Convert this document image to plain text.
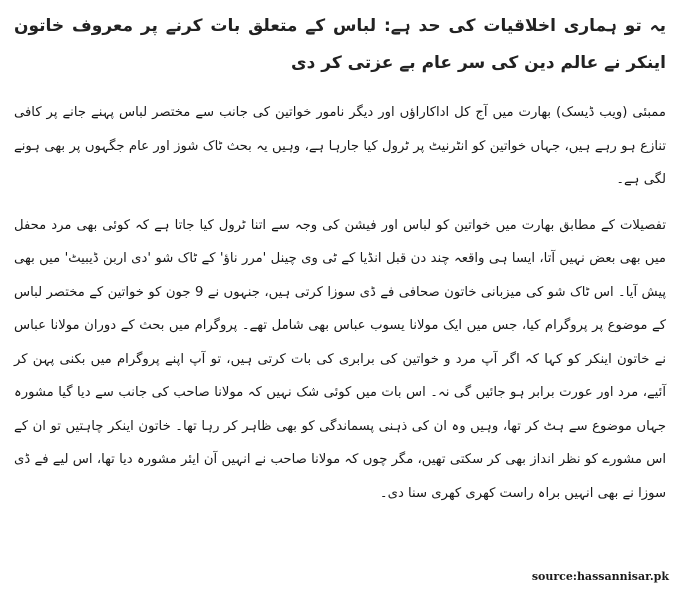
یہ تو ہماری اخلاقیات کی حد ہے: لباس کے متعلق بات کرنے پر معروف خاتون اینکر نے عالم دین کی سر عام بے عزتی کر دی

ممبئی (ویب ڈیسک) بھارت میں آج کل اداکاراؤں اور دیگر نامور خواتین کی جانب سے مختصر لباس پہنے جانے پر کافی تنازع ہو رہے ہیں، جہاں خواتین کو انٹرنیٹ پر ٹرول کیا جارہا ہے، وہیں یہ بحث ٹاک شوز اور عام جگہوں پر بھی ہونے لگی ہے۔

تفصیلات کے مطابق بھارت میں خواتین کو لباس اور فیشن کی وجہ سے اتنا ٹرول کیا جاتا ہے کہ کوئی بھی مرد محفل میں بھی بعض نہیں آتا، ایسا ہی واقعہ چند دن قبل انڈیا کے ٹی وی چینل 'مرر ناؤ' کے ٹاک شو 'دی اربن ڈیبیٹ' میں بھی پیش آیا۔ اس ٹاک شو کی میزبانی خاتون صحافی فے ڈی سوزا کرتی ہیں، جنہوں نے 9 جون کو خواتین کے مختصر لباس کے موضوع پر پروگرام کیا، جس میں ایک مولانا یسوب عباس بھی شامل تھے۔ پروگرام میں بحث کے دوران مولانا عباس نے خاتون اینکر کو کہا کہ اگر آپ مرد و خواتین کی برابری کی بات کرتی ہیں، تو آپ اپنے پروگرام میں بکنی پہن کر آئیے، مرد اور عورت برابر ہو جائیں گی نہ۔ اس بات میں کوئی شک نہیں کہ مولانا صاحب کی جانب سے دیا گیا مشورہ جہاں موضوع سے ہٹ کر تھا، وہیں وہ ان کی ذہنی پسماندگی کو بھی ظاہر کر رہا تھا۔ خاتون اینکر چاہتیں تو ان کے اس مشورے کو نظر انداز بھی کر سکتی تھیں، مگر چوں کہ مولانا صاحب نے انہیں آن ایئر مشورہ دیا تھا، اس لیے فے ڈی سوزا نے بھی انہیں براہ راست کھری کھری سنا دی۔

source:hassannisar.pk
